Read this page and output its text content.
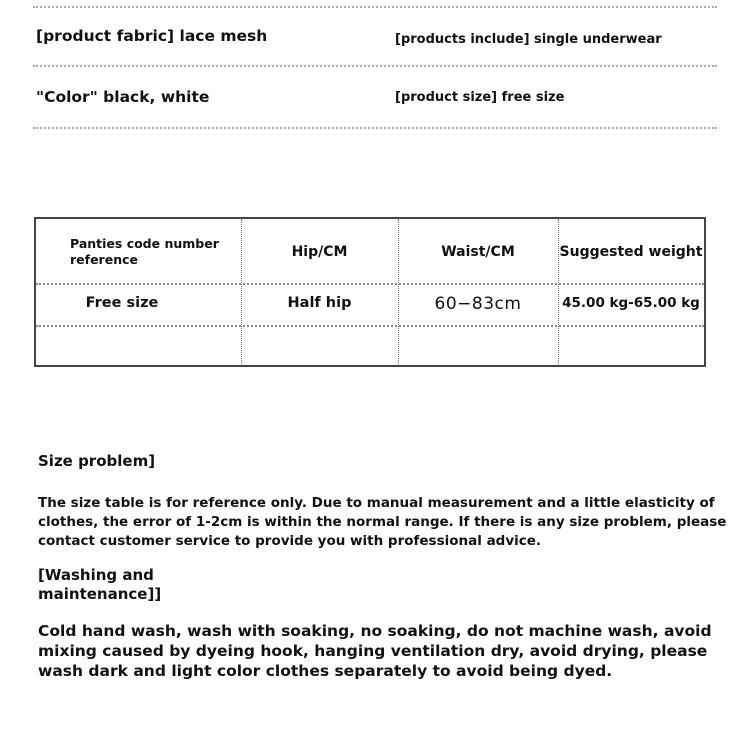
[product fabric] lace mesh	[products include] single underwear
"Color" black, white	[product size] free size
Panties code number reference	Hip/CM	Waist/CM	Suggested weight
Free size	Half hip	60−83cm	45.00 kg-65.00 kg
Size problem]
The size table is for reference only. Due to manual measurement and a little elasticity of clothes, the error of 1-2cm is within the normal range. If there is any size problem, please contact customer service to provide you with professional advice.
[Washing and
maintenance]]
Cold hand wash, wash with soaking, no soaking, do not machine wash, avoid mixing caused by dyeing hook, hanging ventilation dry, avoid drying, please wash dark and light color clothes separately to avoid being dyed.
